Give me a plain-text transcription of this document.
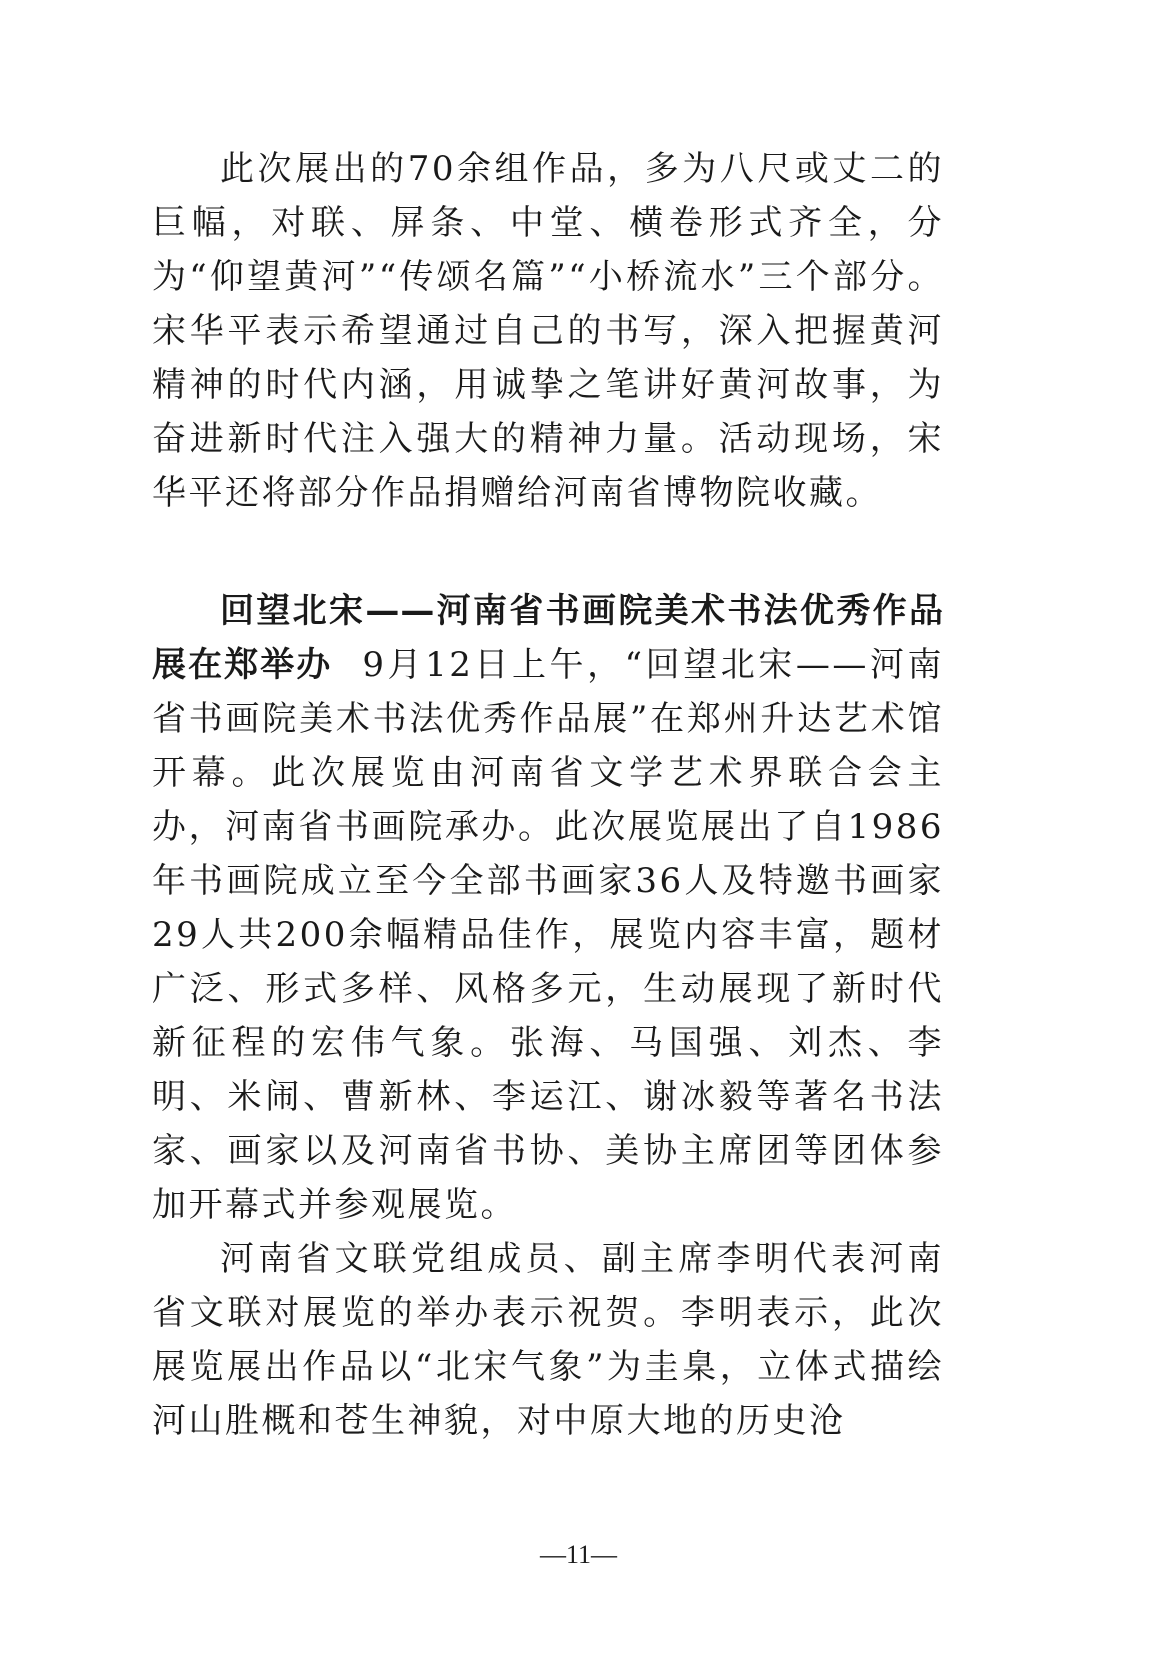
此次展出的70余组作品，多为八尺或丈二的巨幅，对联、屏条、中堂、横卷形式齐全，分为“仰望黄河”“传颂名篇”“小桥流水”三个部分。宋华平表示希望通过自己的书写，深入把握黄河精神的时代内涵，用诚挚之笔讲好黄河故事，为奋进新时代注入强大的精神力量。活动现场，宋华平还将部分作品捐赠给河南省博物院收藏。

回望北宋——河南省书画院美术书法优秀作品展在郑举办 9月12日上午，“回望北宋——河南省书画院美术书法优秀作品展”在郑州升达艺术馆开幕。此次展览由河南省文学艺术界联合会主办，河南省书画院承办。此次展览展出了自1986年书画院成立至今全部书画家36人及特邀书画家29人共200余幅精品佳作，展览内容丰富，题材广泛、形式多样、风格多元，生动展现了新时代新征程的宏伟气象。张海、马国强、刘杰、李明、米闹、曹新林、李运江、谢冰毅等著名书法家、画家以及河南省书协、美协主席团等团体参加开幕式并参观展览。

河南省文联党组成员、副主席李明代表河南省文联对展览的举办表示祝贺。李明表示，此次展览展出作品以“北宋气象”为圭臬，立体式描绘河山胜概和苍生神貌，对中原大地的历史沧

—11—
